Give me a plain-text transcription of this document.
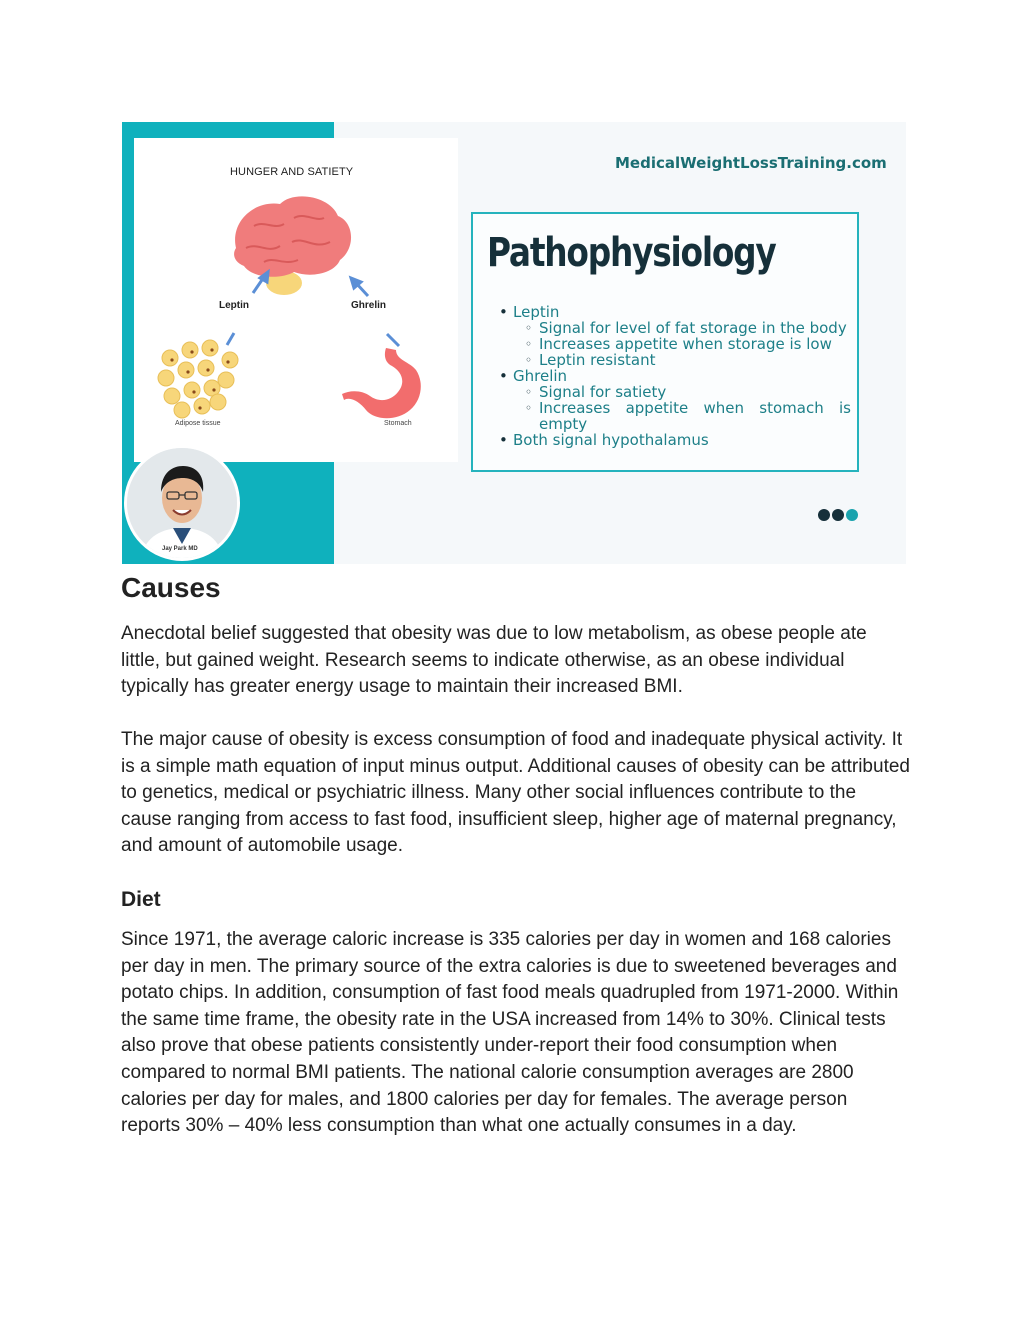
HUNGER AND SATIETY
Leptin	Ghrelin
Adipose tissue	Stomach
MedicalWeightLossTraining.com
Pathophysiology
• Leptin
◦ Signal for level of fat storage in the body
◦ Increases appetite when storage is low
◦ Leptin resistant
• Ghrelin
◦ Signal for satiety
◦ Increases appetite when stomach is
empty
• Both signal hypothalamus
Jay Park MD
Causes

Anecdotal belief suggested that obesity was due to low metabolism, as obese people ate little, but gained weight. Research seems to indicate otherwise, as an obese individual typically has greater energy usage to maintain their increased BMI.

The major cause of obesity is excess consumption of food and inadequate physical activity. It is a simple math equation of input minus output. Additional causes of obesity can be attributed to genetics, medical or psychiatric illness. Many other social influences contribute to the cause ranging from access to fast food, insufficient sleep, higher age of maternal pregnancy, and amount of automobile usage.

Diet

Since 1971, the average caloric increase is 335 calories per day in women and 168 calories per day in men. The primary source of the extra calories is due to sweetened beverages and potato chips. In addition, consumption of fast food meals quadrupled from 1971-2000. Within the same time frame, the obesity rate in the USA increased from 14% to 30%. Clinical tests also prove that obese patients consistently under-report their food consumption when compared to normal BMI patients. The national calorie consumption averages are 2800 calories per day for males, and 1800 calories per day for females. The average person reports 30% – 40% less consumption than what one actually consumes in a day.
